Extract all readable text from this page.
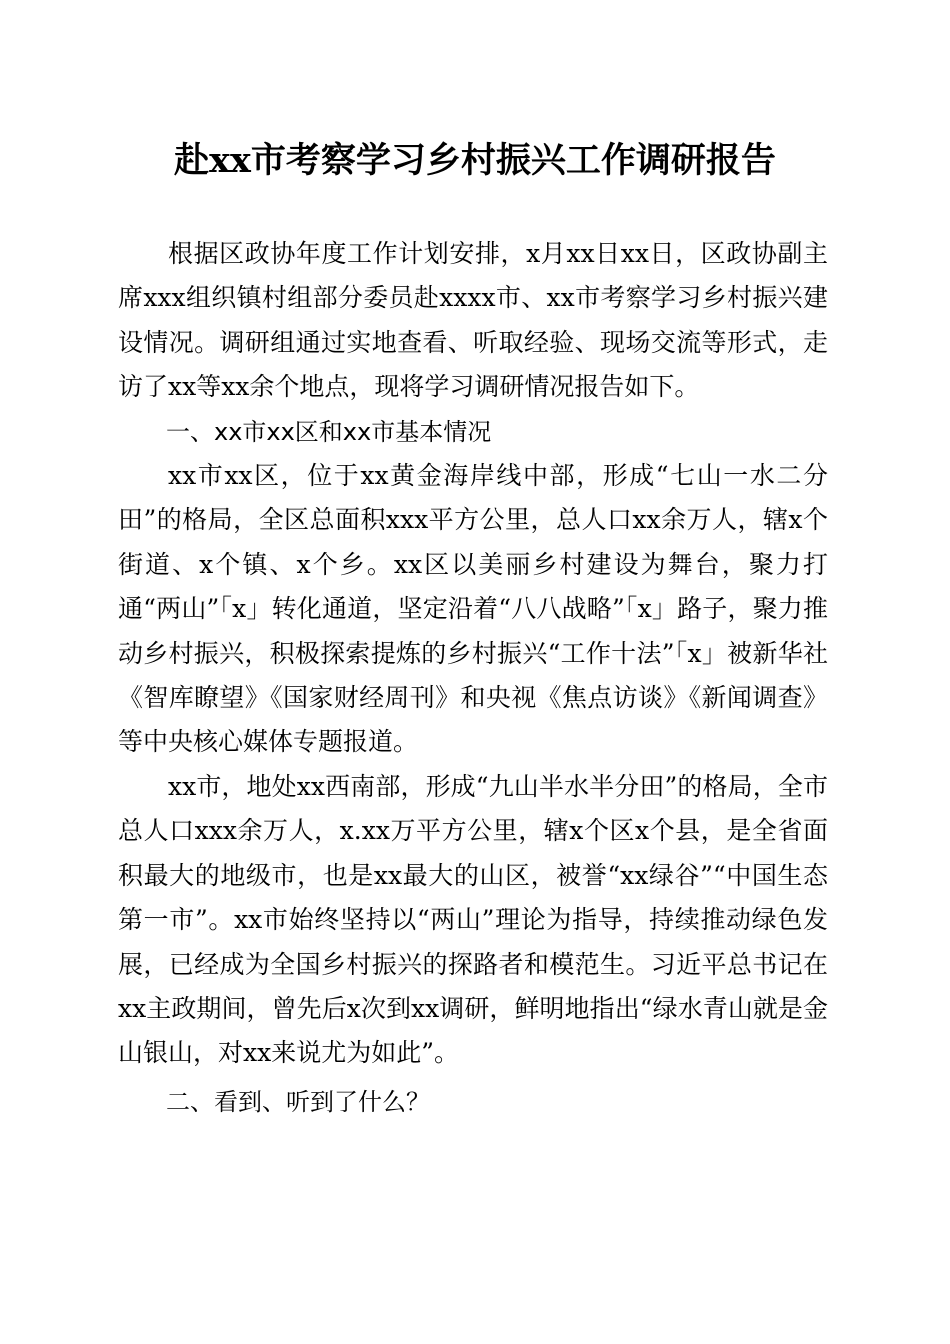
赴xx市考察学习乡村振兴工作调研报告

根据区政协年度工作计划安排，x月xx日xx日，区政协副主席xxx组织镇村组部分委员赴xxxx市、xx市考察学习乡村振兴建设情况。调研组通过实地查看、听取经验、现场交流等形式，走访了xx等xx余个地点，现将学习调研情况报告如下。

一、xx市xx区和xx市基本情况

xx市xx区，位于xx黄金海岸线中部，形成“七山一水二分田”的格局，全区总面积xxx平方公里，总人口xx余万人，辖x个街道、x个镇、x个乡。xx区以美丽乡村建设为舞台，聚力打通“两山”「x」转化通道，坚定沿着“八八战略”「x」路子，聚力推动乡村振兴，积极探索提炼的乡村振兴“工作十法”「x」被新华社《智库瞭望》《国家财经周刊》和央视《焦点访谈》《新闻调查》等中央核心媒体专题报道。

xx市，地处xx西南部，形成“九山半水半分田”的格局，全市总人口xxx余万人，x.xx万平方公里，辖x个区x个县，是全省面积最大的地级市，也是xx最大的山区，被誉“xx绿谷”“中国生态第一市”。xx市始终坚持以“两山”理论为指导，持续推动绿色发展，已经成为全国乡村振兴的探路者和模范生。习近平总书记在xx主政期间，曾先后x次到xx调研，鲜明地指出“绿水青山就是金山银山，对xx来说尤为如此”。

二、看到、听到了什么？
